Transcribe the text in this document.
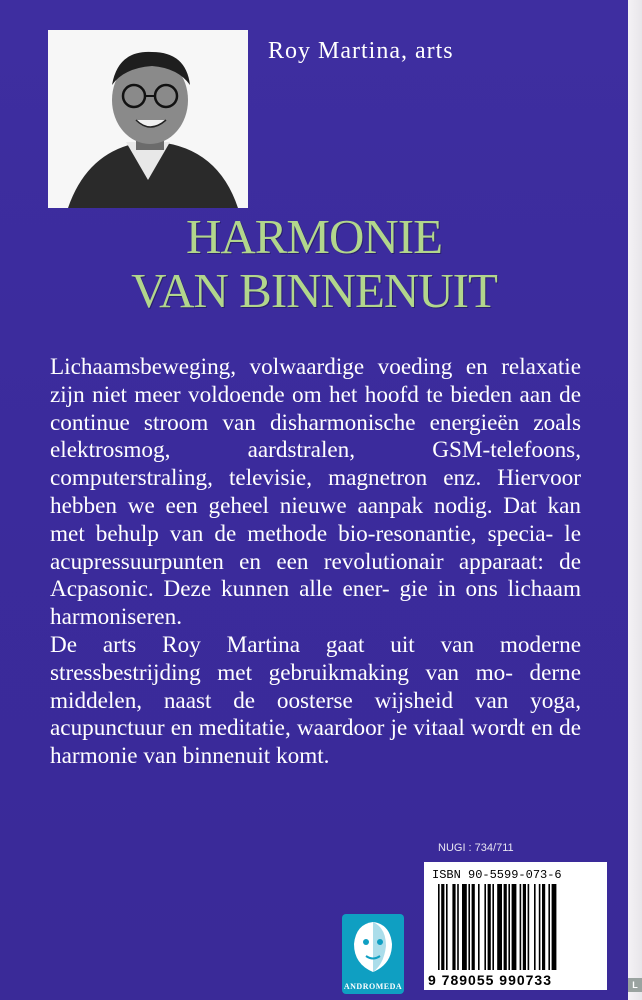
Roy Martina, arts
HARMONIE
VAN BINNENUIT

Lichaamsbeweging, volwaardige voeding en relaxatie zijn niet meer voldoende om het hoofd te bieden aan de continue stroom van disharmonische energieën zoals elektrosmog, aardstralen, GSM-telefoons, computerstraling, televisie, magnetron enz. Hiervoor hebben we een geheel nieuwe aanpak nodig. Dat kan met behulp van de methode bio-resonantie, specia- le acupressuurpunten en een revolutionair apparaat: de Acpasonic. Deze kunnen alle ener- gie in ons lichaam harmoniseren.

De arts Roy Martina gaat uit van moderne stressbestrijding met gebruikmaking van mo- derne middelen, naast de oosterse wijsheid van yoga, acupunctuur en meditatie, waardoor je vitaal wordt en de harmonie van binnenuit komt.

NUGI : 734/711
ANDROMEDA
ISBN 90-5599-073-6
9 789055 990733	L
